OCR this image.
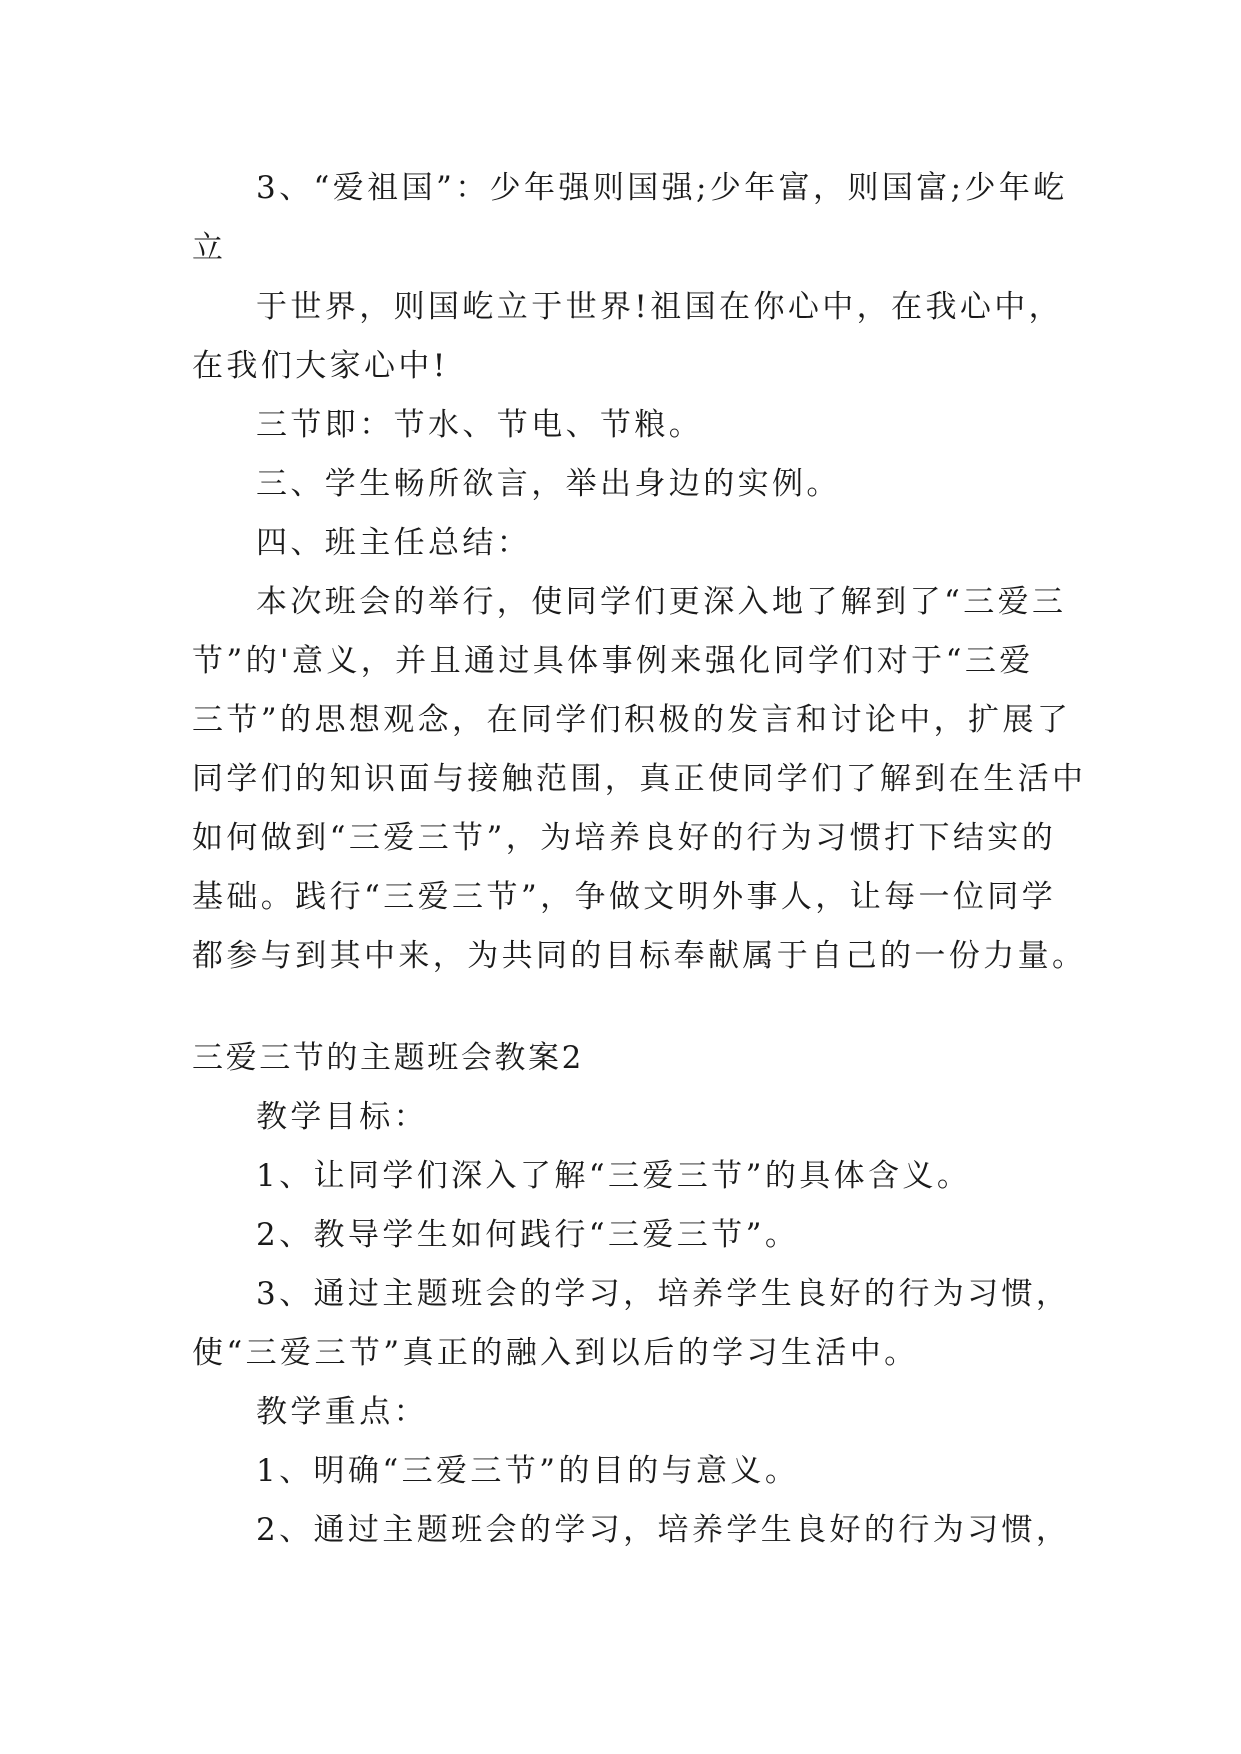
3、“爱祖国”：少年强则国强;少年富，则国富;少年屹

立

于世界，则国屹立于世界!祖国在你心中，在我心中，

在我们大家心中!

三节即：节水、节电、节粮。

三、学生畅所欲言，举出身边的实例。

四、班主任总结：

本次班会的举行，使同学们更深入地了解到了“三爱三

节”的'意义，并且通过具体事例来强化同学们对于“三爱

三节”的思想观念，在同学们积极的发言和讨论中，扩展了

同学们的知识面与接触范围，真正使同学们了解到在生活中

如何做到“三爱三节”，为培养良好的行为习惯打下结实的

基础。践行“三爱三节”，争做文明外事人，让每一位同学

都参与到其中来，为共同的目标奉献属于自己的一份力量。

三爱三节的主题班会教案2

教学目标：

1、让同学们深入了解“三爱三节”的具体含义。

2、教导学生如何践行“三爱三节”。

3、通过主题班会的学习，培养学生良好的行为习惯，

使“三爱三节”真正的融入到以后的学习生活中。

教学重点：

1、明确“三爱三节”的目的与意义。

2、通过主题班会的学习，培养学生良好的行为习惯，
